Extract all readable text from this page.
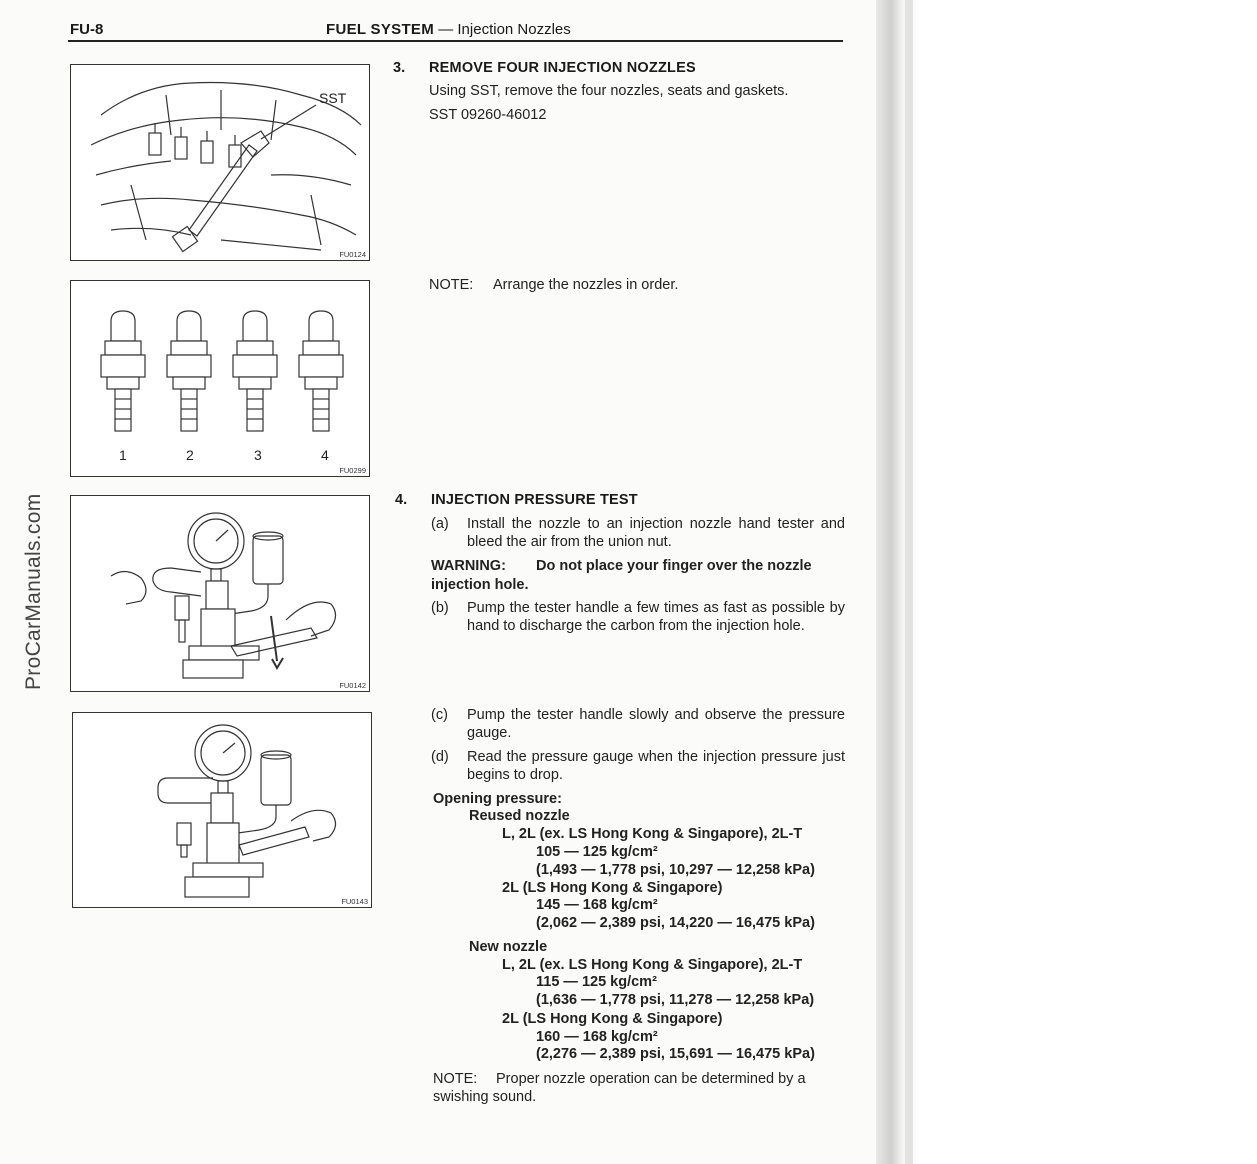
FU-8	FUEL SYSTEM — Injection Nozzles
ProCarManuals.com
SST
FU0124
1	2	3	4
FU0299
FU0142
FU0143
3. REMOVE FOUR INJECTION NOZZLES
Using SST, remove the four nozzles, seats and gaskets.
SST 09260-46012
NOTE: Arrange the nozzles in order.
4. INJECTION PRESSURE TEST
(a) Install the nozzle to an injection nozzle hand tester and bleed the air from the union nut.
WARNING: Do not place your finger over the nozzle
injection hole.
(b) Pump the tester handle a few times as fast as possible by hand to discharge the carbon from the injection hole.
(c) Pump the tester handle slowly and observe the pressure gauge.
(d) Read the pressure gauge when the injection pressure just begins to drop.
Opening pressure:
Reused nozzle
L, 2L (ex. LS Hong Kong & Singapore), 2L-T
105 — 125 kg/cm²
(1,493 — 1,778 psi, 10,297 — 12,258 kPa)
2L (LS Hong Kong & Singapore)
145 — 168 kg/cm²
(2,062 — 2,389 psi, 14,220 — 16,475 kPa)
New nozzle
L, 2L (ex. LS Hong Kong & Singapore), 2L-T
115 — 125 kg/cm²
(1,636 — 1,778 psi, 11,278 — 12,258 kPa)
2L (LS Hong Kong & Singapore)
160 — 168 kg/cm²
(2,276 — 2,389 psi, 15,691 — 16,475 kPa)
NOTE: Proper nozzle operation can be determined by a
swishing sound.
